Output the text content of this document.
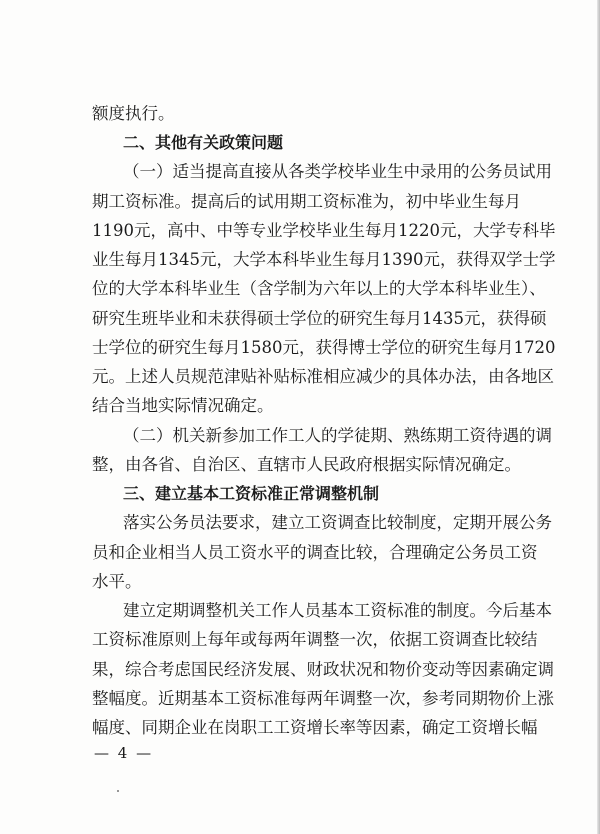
额度执行。
二、其他有关政策问题
（一）适当提高直接从各类学校毕业生中录用的公务员试用
期工资标准。提高后的试用期工资标准为，初中毕业生每月
1190元，高中、中等专业学校毕业生每月1220元，大学专科毕
业生每月1345元，大学本科毕业生每月1390元，获得双学士学
位的大学本科毕业生（含学制为六年以上的大学本科毕业生）、
研究生班毕业和未获得硕士学位的研究生每月1435元，获得硕
士学位的研究生每月1580元，获得博士学位的研究生每月1720
元。上述人员规范津贴补贴标准相应减少的具体办法，由各地区
结合当地实际情况确定。
（二）机关新参加工作工人的学徒期、熟练期工资待遇的调
整，由各省、自治区、直辖市人民政府根据实际情况确定。
三、建立基本工资标准正常调整机制
落实公务员法要求，建立工资调查比较制度，定期开展公务
员和企业相当人员工资水平的调查比较，合理确定公务员工资
水平。
建立定期调整机关工作人员基本工资标准的制度。今后基本
工资标准原则上每年或每两年调整一次，依据工资调查比较结
果，综合考虑国民经济发展、财政状况和物价变动等因素确定调
整幅度。近期基本工资标准每两年调整一次，参考同期物价上涨
幅度、同期企业在岗职工工资增长率等因素，确定工资增长幅
— 4 —
